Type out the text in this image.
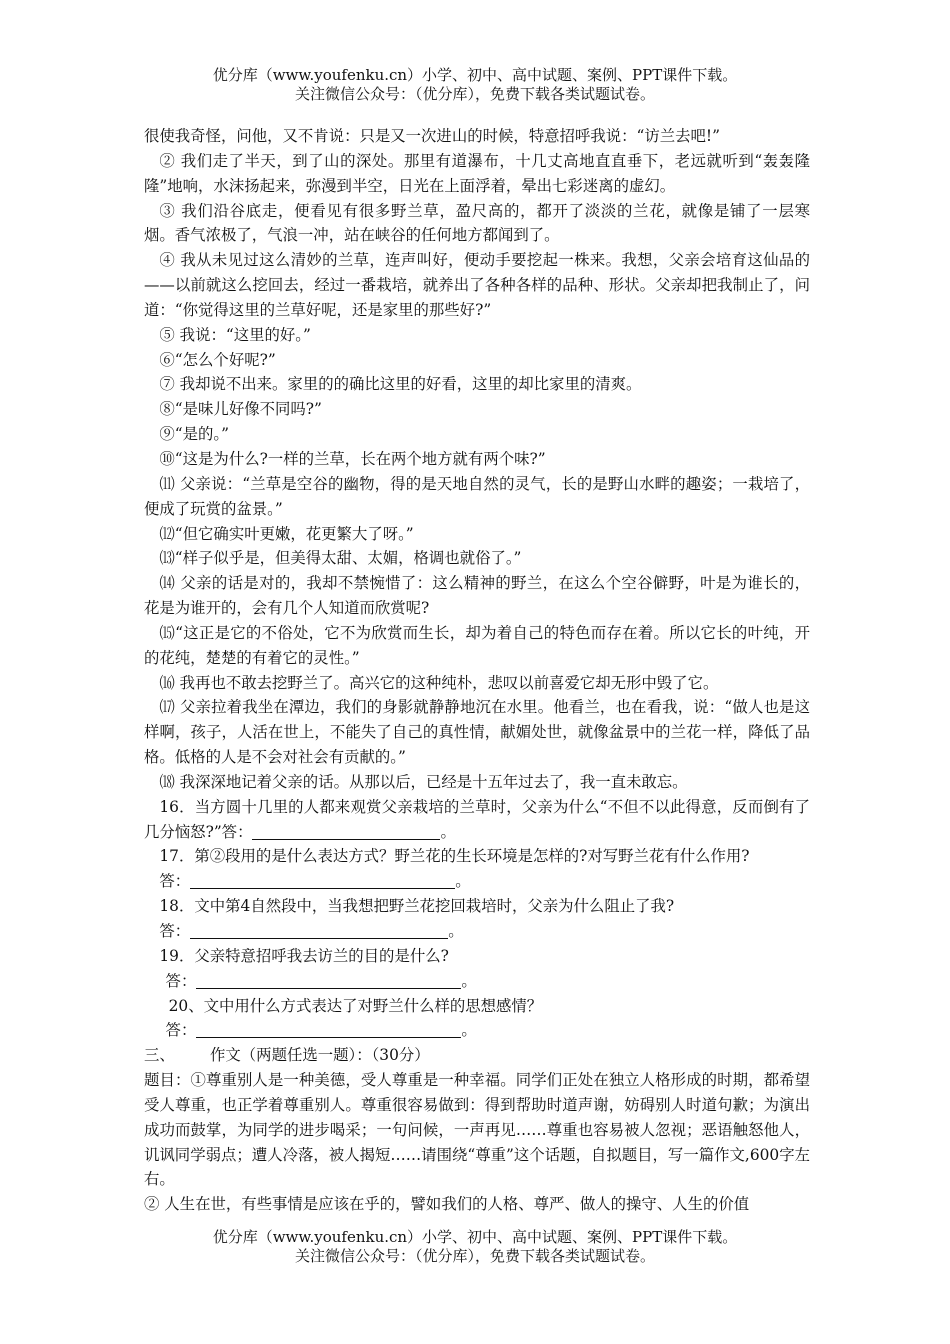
优分库（www.youfenku.cn）小学、初中、高中试题、案例、PPT课件下载。
关注微信公众号：（优分库），免费下载各类试题试卷。

很使我奇怪，问他，又不肯说：只是又一次进山的时候，特意招呼我说：“访兰去吧!”

② 我们走了半天，到了山的深处。那里有道瀑布，十几丈高地直直垂下，老远就听到“轰轰隆隆”地响，水沫扬起来，弥漫到半空，日光在上面浮着，晕出七彩迷离的虚幻。

③ 我们沿谷底走，便看见有很多野兰草，盈尺高的，都开了淡淡的兰花，就像是铺了一层寒烟。香气浓极了，气浪一冲，站在峡谷的任何地方都闻到了。

④ 我从未见过这么清妙的兰草，连声叫好，便动手要挖起一株来。我想，父亲会培育这仙品的——以前就这么挖回去，经过一番栽培，就养出了各种各样的品种、形状。父亲却把我制止了，问道：“你觉得这里的兰草好呢，还是家里的那些好?”

⑤ 我说：“这里的好。”

⑥“怎么个好呢?”

⑦ 我却说不出来。家里的的确比这里的好看，这里的却比家里的清爽。

⑧“是味儿好像不同吗?”

⑨“是的。”

⑩“这是为什么?一样的兰草，长在两个地方就有两个味?”

⑾ 父亲说：“兰草是空谷的幽物，得的是天地自然的灵气，长的是野山水畔的趣姿；一栽培了，便成了玩赏的盆景。”

⑿“但它确实叶更嫩，花更繁大了呀。”

⒀“样子似乎是，但美得太甜、太媚，格调也就俗了。”

⒁ 父亲的话是对的，我却不禁惋惜了：这么精神的野兰，在这么个空谷僻野，叶是为谁长的，花是为谁开的，会有几个人知道而欣赏呢?

⒂“这正是它的不俗处，它不为欣赏而生长，却为着自己的特色而存在着。所以它长的叶纯，开的花纯，楚楚的有着它的灵性。”

⒃ 我再也不敢去挖野兰了。高兴它的这种纯朴，悲叹以前喜爱它却无形中毁了它。

⒄ 父亲拉着我坐在潭边，我们的身影就静静地沉在水里。他看兰，也在看我，说：“做人也是这样啊，孩子，人活在世上，不能失了自己的真性情，献媚处世，就像盆景中的兰花一样，降低了品格。低格的人是不会对社会有贡献的。”

⒅ 我深深地记着父亲的话。从那以后，已经是十五年过去了，我一直未敢忘。

16．当方圆十几里的人都来观赏父亲栽培的兰草时，父亲为什么“不但不以此得意，反而倒有了几分恼怒?”答：	。

17．第②段用的是什么表达方式？野兰花的生长环境是怎样的?对写野兰花有什么作用?

答：	。

18．文中第4自然段中，当我想把野兰花挖回栽培时，父亲为什么阻止了我?

答：	。

19．父亲特意招呼我去访兰的目的是什么?

答：	。

20、文中用什么方式表达了对野兰什么样的思想感情？

答：	。

三、 作文（两题任选一题）：（30分）

题目：①尊重别人是一种美德，受人尊重是一种幸福。同学们正处在独立人格形成的时期，都希望受人尊重，也正学着尊重别人。尊重很容易做到：得到帮助时道声谢，妨碍别人时道句歉；为演出成功而鼓掌，为同学的进步喝采；一句问候，一声再见……尊重也容易被人忽视；恶语触怒他人，讥讽同学弱点；遭人冷落，被人揭短……请围绕“尊重”这个话题，自拟题目，写一篇作文,600字左右。

② 人生在世，有些事情是应该在乎的，譬如我们的人格、尊严、做人的操守、人生的价值

优分库（www.youfenku.cn）小学、初中、高中试题、案例、PPT课件下载。
关注微信公众号：（优分库），免费下载各类试题试卷。
